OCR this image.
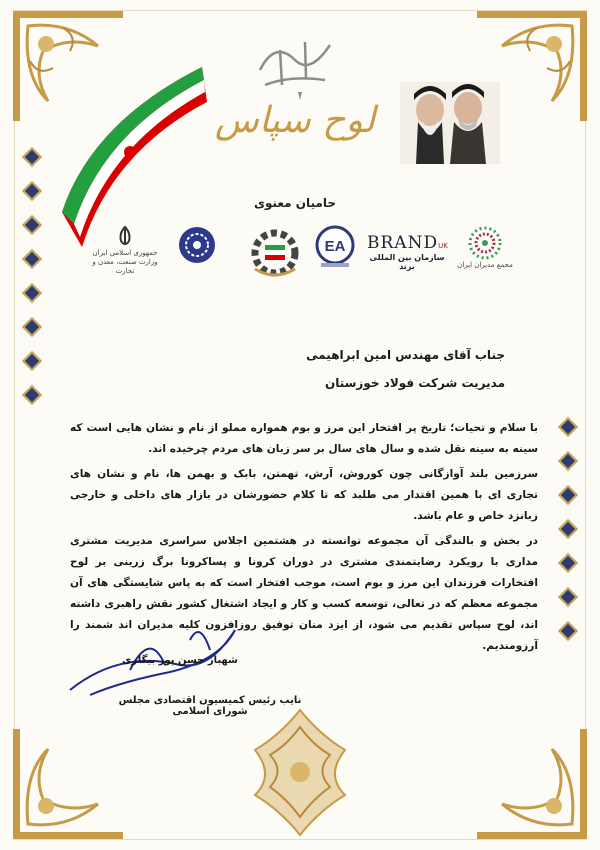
لوح سپاس
حامیان معنوی
جمهوری اسلامی ایران وزارت صنعت، معدن و تجارت
EA BRANDUK
سازمان بین المللی برند	مجمع مدیران ایران
جناب آقای مهندس امین ابراهیمی
مدیریت شرکت فولاد خوزستان

با سلام و تحیات؛ تاریخ پر افتخار این مرز و بوم همواره مملو از نام و نشان هایی است که سینه به سینه نقل شده و سال های سال بر سر زبان های مردم چرخیده اند.

سرزمین بلند آوازگانی چون کوروش، آرش، تهمتن، بابک و بهمن ها، نام و نشان های تجاری ای با همین اقتدار می طلبد که تا کلام حضورشان در بازار های داخلی و خارجی زبانزد خاص و عام باشد.

در بخش و بالندگی آن مجموعه توانسته در هشتمین اجلاس سراسری مدیریت مشتری مداری با رویکرد رضایتمندی مشتری در دوران کرونا و پساکرونا برگ زرینی بر لوح افتخارات فرزندان این مرز و بوم است، موجب افتخار است که به پاس شایستگی های آن مجموعه معظم که در تعالی، توسعه کسب و کار و ایجاد اشتغال کشور نقش راهبری داشته اند، لوح سپاس تقدیم می شود، از ایزد منان توفیق روزافزون کلیه مدیران اند شمند را آرزومندیم.

شهباز حسن پور بیگلری
نایب رئیس کمیسیون اقتصادی مجلس شورای اسلامی
